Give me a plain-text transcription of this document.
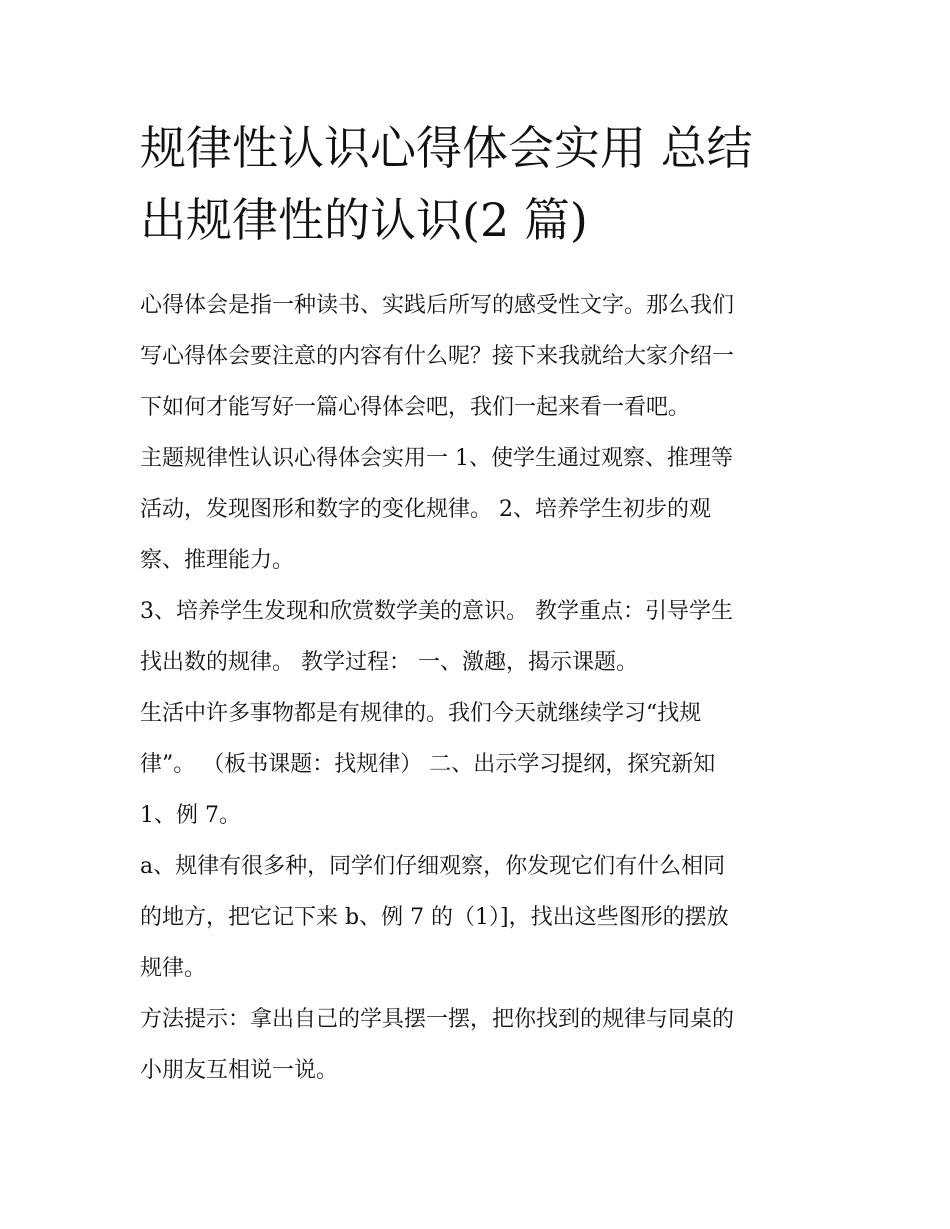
规律性认识心得体会实用 总结
出规律性的认识(2 篇)

心得体会是指一种读书、实践后所写的感受性文字。那么我们
写心得体会要注意的内容有什么呢？接下来我就给大家介绍一
下如何才能写好一篇心得体会吧，我们一起来看一看吧。

主题规律性认识心得体会实用一 1、使学生通过观察、推理等
活动，发现图形和数字的变化规律。 2、培养学生初步的观
察、推理能力。

3、培养学生发现和欣赏数学美的意识。 教学重点：引导学生
找出数的规律。 教学过程： 一、激趣，揭示课题。

生活中许多事物都是有规律的。我们今天就继续学习“找规
律”。 （板书课题：找规律） 二、出示学习提纲，探究新知
1、例 7。

a、规律有很多种，同学们仔细观察，你发现它们有什么相同
的地方，把它记下来 b、例 7 的（1）]，找出这些图形的摆放
规律。

方法提示：拿出自己的学具摆一摆，把你找到的规律与同桌的
小朋友互相说一说。
